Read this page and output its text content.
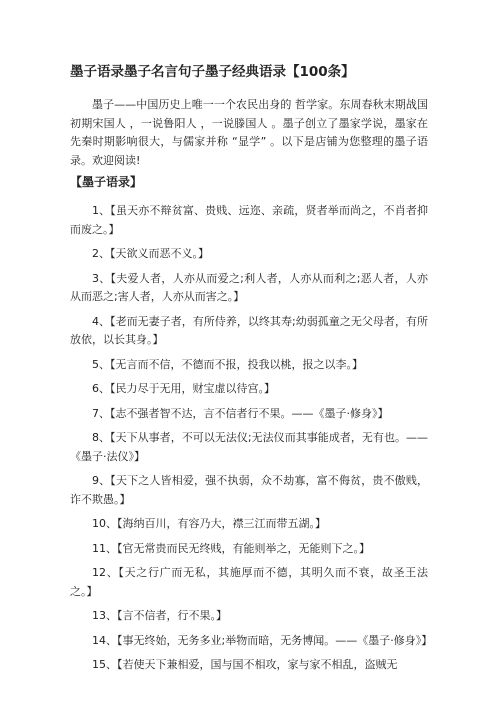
墨子语录墨子名言句子墨子经典语录【100条】

墨子——中国历史上唯一一个农民出身的 哲学家。东周春秋末期战国初期宋国人 ，一说鲁阳人 ，一说滕国人 。墨子创立了墨家学说，墨家在先秦时期影响很大，与儒家并称 “显学” 。以下是店铺为您整理的墨子语录。欢迎阅读!

【墨子语录】

1、【虽天亦不辩贫富、贵贱、远迩、亲疏，贤者举而尚之，不肖者抑而废之。】

2、【天欲义而恶不义。】

3、【夫爱人者，人亦从而爱之;利人者，人亦从而利之;恶人者，人亦从而恶之;害人者，人亦从而害之。】

4、【老而无妻子者，有所侍养，以终其寿;幼弱孤童之无父母者，有所放依，以长其身。】

5、【无言而不信，不德而不报，投我以桃，报之以李。】

6、【民力尽于无用，财宝虚以待宫。】

7、【志不强者智不达，言不信者行不果。——《墨子·修身》】

8、【天下从事者，不可以无法仪;无法仪而其事能成者，无有也。——《墨子·法仪》】

9、【天下之人皆相爱，强不执弱，众不劫寡，富不侮贫，贵不傲贱，诈不欺愚。】

10、【海纳百川，有容乃大，襟三江而带五湖。】

11、【官无常贵而民无终贱，有能则举之，无能则下之。】

12、【天之行广而无私，其施厚而不德，其明久而不衰，故圣王法之。】

13、【言不信者，行不果。】

14、【事无终始，无务多业;举物而暗，无务博闻。——《墨子·修身》】

15、【若使天下兼相爱，国与国不相攻，家与家不相乱，盗贼无
